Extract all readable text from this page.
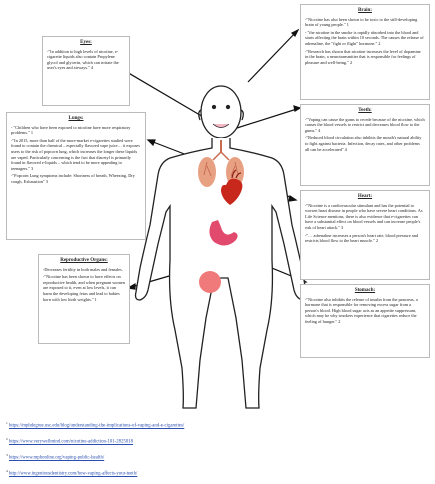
Eyes:

-"In addition to high levels of nicotine, e-cigarette liquids also contain Propylene glycol and glycerin, which can irritate the user's eyes and airways." 4

Lungs:

- "Children who have been exposed to nicotine have more respiratory problems." 1

-"In 2015, more than half of the more-market e-cigarettes studied were found to contain the chemical – especially flavored vape juice… it exposes users to the risk of popcorn lung, which increases the longer these liquids are vaped. Particularly concerning is the fact that diacetyl is primarily found in flavored e-liquids – which tend to be more appealing to teenagers." 3

-"Popcorn Lung symptoms include: Shortness of breath, Wheezing, Dry cough, Exhaustion" 3

Reproductive Organs:

-Decreases fertility in both males and females.

-"Nicotine has been shown to have effects on reproductive health, and when pregnant women are exposed to it, even at low levels, it can harm the developing fetus and lead to babies born with low birth weights." 1

Brain:

-"Nicotine has also been shown to be toxic to the still-developing brain of young people." 1

- "the nicotine in the smoke is rapidly absorbed into the blood and starts affecting the brain within 10 seconds. The causes the release of adrenaline, the "fight or flight" hormone." 2

-"Research has shown that nicotine increases the level of dopamine in the brain, a neurotransmitter that is responsible for feelings of pleasure and well-being." 2

Teeth:

-"Vaping can cause the gums to recede because of the nicotine, which causes the blood vessels to restrict and decreases blood flow to the gums." 4

-"Reduced blood circulation also inhibits the mouth's natural ability to fight against bacteria. Infection, decay rates, and other problems all can be accelerated" 4

Heart:

-"Nicotine is a cardiovascular stimulant and has the potential to worsen heart disease in people who have severe heart conditions. As Life Science mentions, there is also evidence that e-cigarettes can have a substantial effect on blood vessels and can increase people's risk of heart attack." 3

-"… adrenaline increases a person's heart rate, blood pressure and restricts blood flow to the heart muscle." 2

Stomach:

-"Nicotine also inhibits the release of insulin from the pancreas, a hormone that is responsible for removing excess sugar from a person's blood. High blood sugar acts as an appetite suppressant, which may be why smokers experience that cigarettes reduce the feeling of hunger." 2

$^1$ https://mphdegree.usc.edu/blog/understanding-the-implications-of-vaping-and-e-cigarettes/
$^2$ https://www.verywellmind.com/nicotine-addiction-101-2825018
$^3$ https://www.mphonline.org/vaping-public-health/
$^4$ http://www.ingeniousdentistry.com/how-vaping-affects-your-teeth/
